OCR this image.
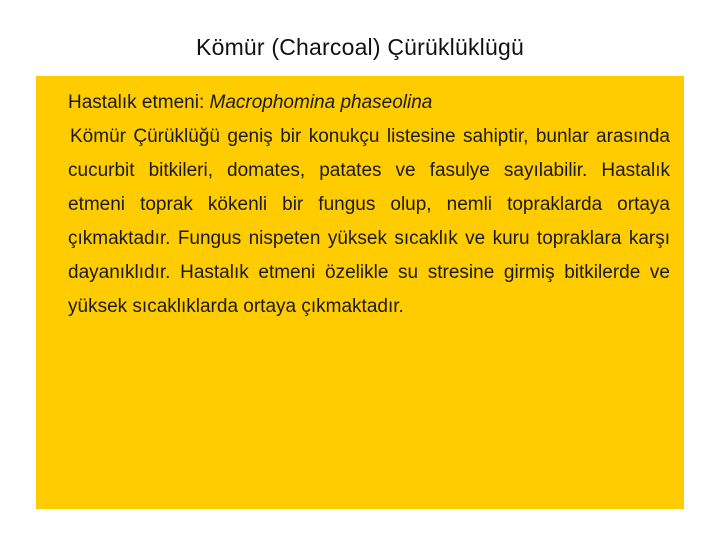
Kömür (Charcoal) Çürüklüklügü

Hastalık etmeni: Macrophomina phaseolina

Kömür Çürüklüğü geniş bir konukçu listesine sahiptir, bunlar arasında cucurbit bitkileri, domates, patates ve fasulye sayılabilir. Hastalık etmeni toprak kökenli bir fungus olup, nemli topraklarda ortaya çıkmaktadır. Fungus nispeten yüksek sıcaklık ve kuru topraklara karşı dayanıklıdır. Hastalık etmeni özelikle su stresine girmiş bitkilerde ve yüksek sıcaklıklarda ortaya çıkmaktadır.
